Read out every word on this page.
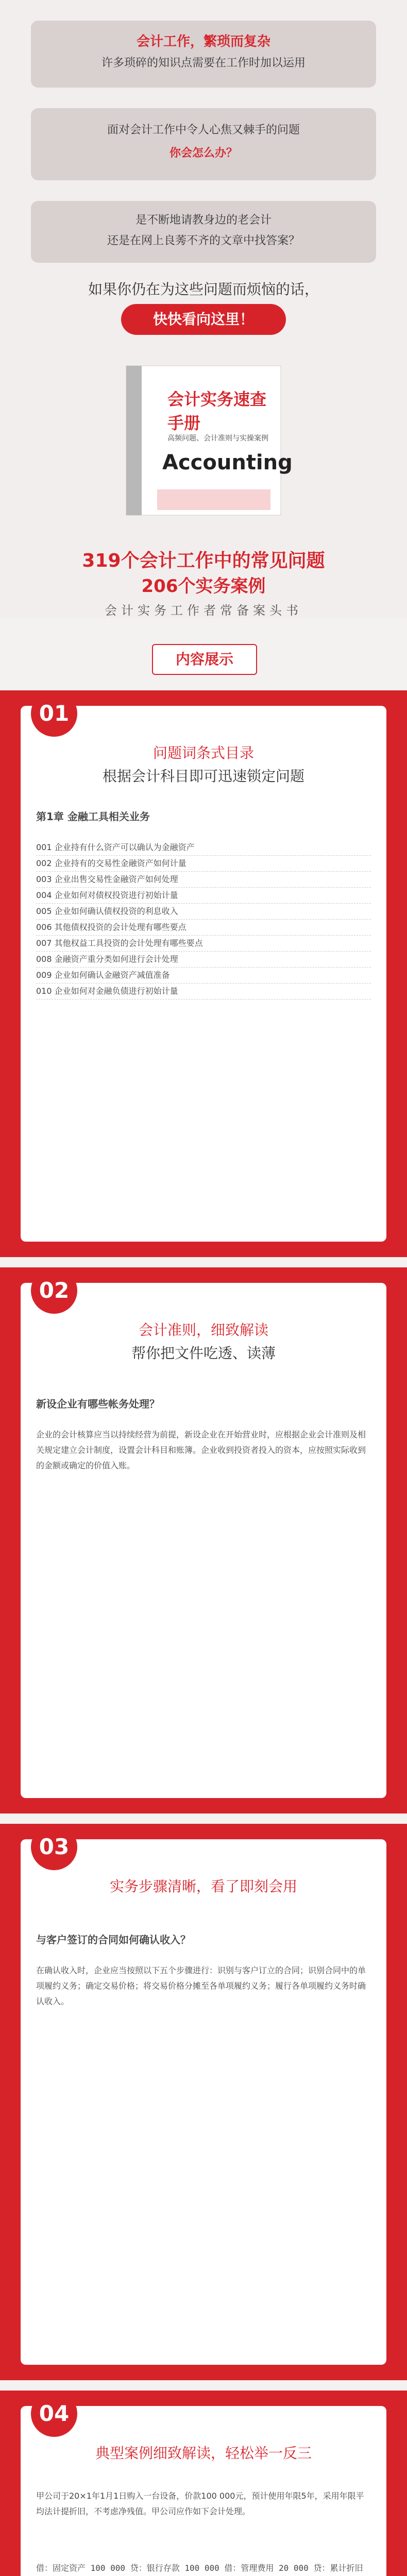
会计工作，繁琐而复杂
许多琐碎的知识点需要在工作时加以运用
面对会计工作中令人心焦又棘手的问题
你会怎么办？
是不断地请教身边的老会计
还是在网上良莠不齐的文章中找答案？
如果你仍在为这些问题而烦恼的话，
快快看向这里！
会计实务速查手册
高频问题、会计准则与实操案例
Accounting
319个会计工作中的常见问题
206个实务案例
会计实务工作者常备案头书
内容展示
01
问题词条式目录
根据会计科目即可迅速锁定问题
第1章 金融工具相关业务
001 企业持有什么资产可以确认为金融资产
002 企业持有的交易性金融资产如何计量
003 企业出售交易性金融资产如何处理
004 企业如何对债权投资进行初始计量
005 企业如何确认债权投资的利息收入
006 其他债权投资的会计处理有哪些要点
007 其他权益工具投资的会计处理有哪些要点
008 金融资产重分类如何进行会计处理
009 企业如何确认金融资产减值准备
010 企业如何对金融负债进行初始计量
02
会计准则，细致解读
帮你把文件吃透、读薄
新设企业有哪些帐务处理？
企业的会计核算应当以持续经营为前提，新设企业在开始营业时，应根据企业会计准则及相关规定建立会计制度，设置会计科目和账簿。企业收到投资者投入的资本，应按照实际收到的金额或确定的价值入账。
03
实务步骤清晰，看了即刻会用
与客户签订的合同如何确认收入？
在确认收入时，企业应当按照以下五个步骤进行：识别与客户订立的合同；识别合同中的单项履约义务；确定交易价格；将交易价格分摊至各单项履约义务；履行各单项履约义务时确认收入。
04
典型案例细致解读，轻松举一反三
甲公司于20×1年1月1日购入一台设备，价款100 000元，预计使用年限5年，采用年限平均法计提折旧，不考虑净残值。甲公司应作如下会计处理。
借：固定资产 100 000 贷：银行存款 100 000 借：管理费用 20 000 贷：累计折旧
